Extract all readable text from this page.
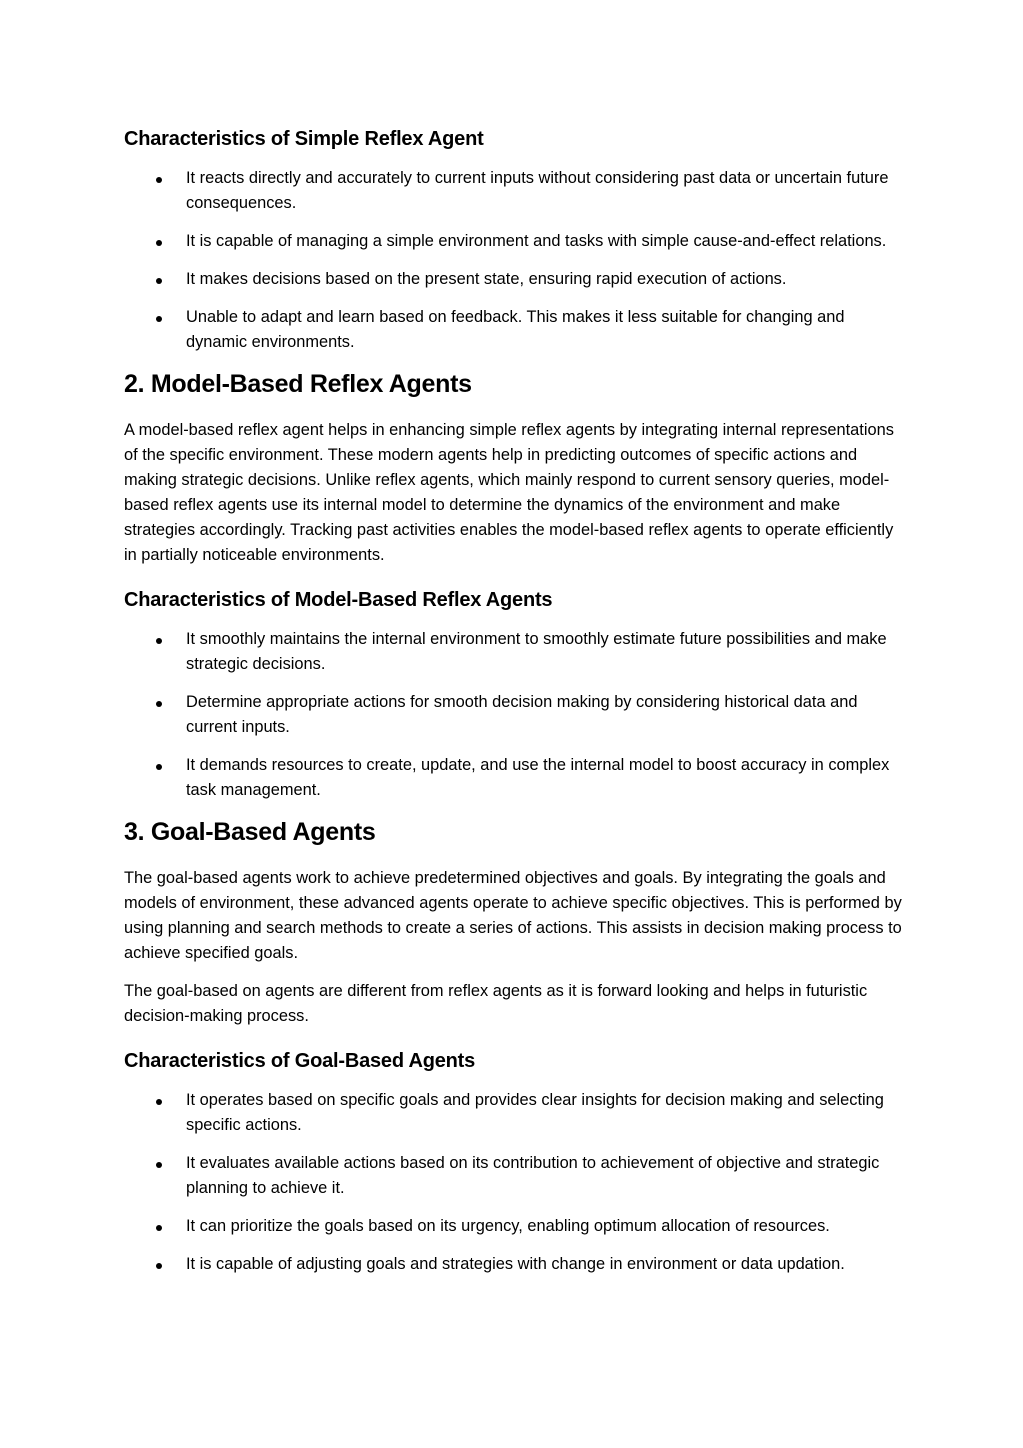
Characteristics of Simple Reflex Agent
It reacts directly and accurately to current inputs without considering past data or uncertain future consequences.
It is capable of managing a simple environment and tasks with simple cause-and-effect relations.
It makes decisions based on the present state, ensuring rapid execution of actions.
Unable to adapt and learn based on feedback. This makes it less suitable for changing and dynamic environments.
2. Model-Based Reflex Agents

A model-based reflex agent helps in enhancing simple reflex agents by integrating internal representations of the specific environment. These modern agents help in predicting outcomes of specific actions and making strategic decisions. Unlike reflex agents, which mainly respond to current sensory queries, model-based reflex agents use its internal model to determine the dynamics of the environment and make strategies accordingly. Tracking past activities enables the model-based reflex agents to operate efficiently in partially noticeable environments.

Characteristics of Model-Based Reflex Agents
It smoothly maintains the internal environment to smoothly estimate future possibilities and make strategic decisions.
Determine appropriate actions for smooth decision making by considering historical data and current inputs.
It demands resources to create, update, and use the internal model to boost accuracy in complex task management.
3. Goal-Based Agents

The goal-based agents work to achieve predetermined objectives and goals. By integrating the goals and models of environment, these advanced agents operate to achieve specific objectives. This is performed by using planning and search methods to create a series of actions. This assists in decision making process to achieve specified goals.

The goal-based on agents are different from reflex agents as it is forward looking and helps in futuristic decision-making process.

Characteristics of Goal-Based Agents
It operates based on specific goals and provides clear insights for decision making and selecting specific actions.
It evaluates available actions based on its contribution to achievement of objective and strategic planning to achieve it.
It can prioritize the goals based on its urgency, enabling optimum allocation of resources.
It is capable of adjusting goals and strategies with change in environment or data updation.
